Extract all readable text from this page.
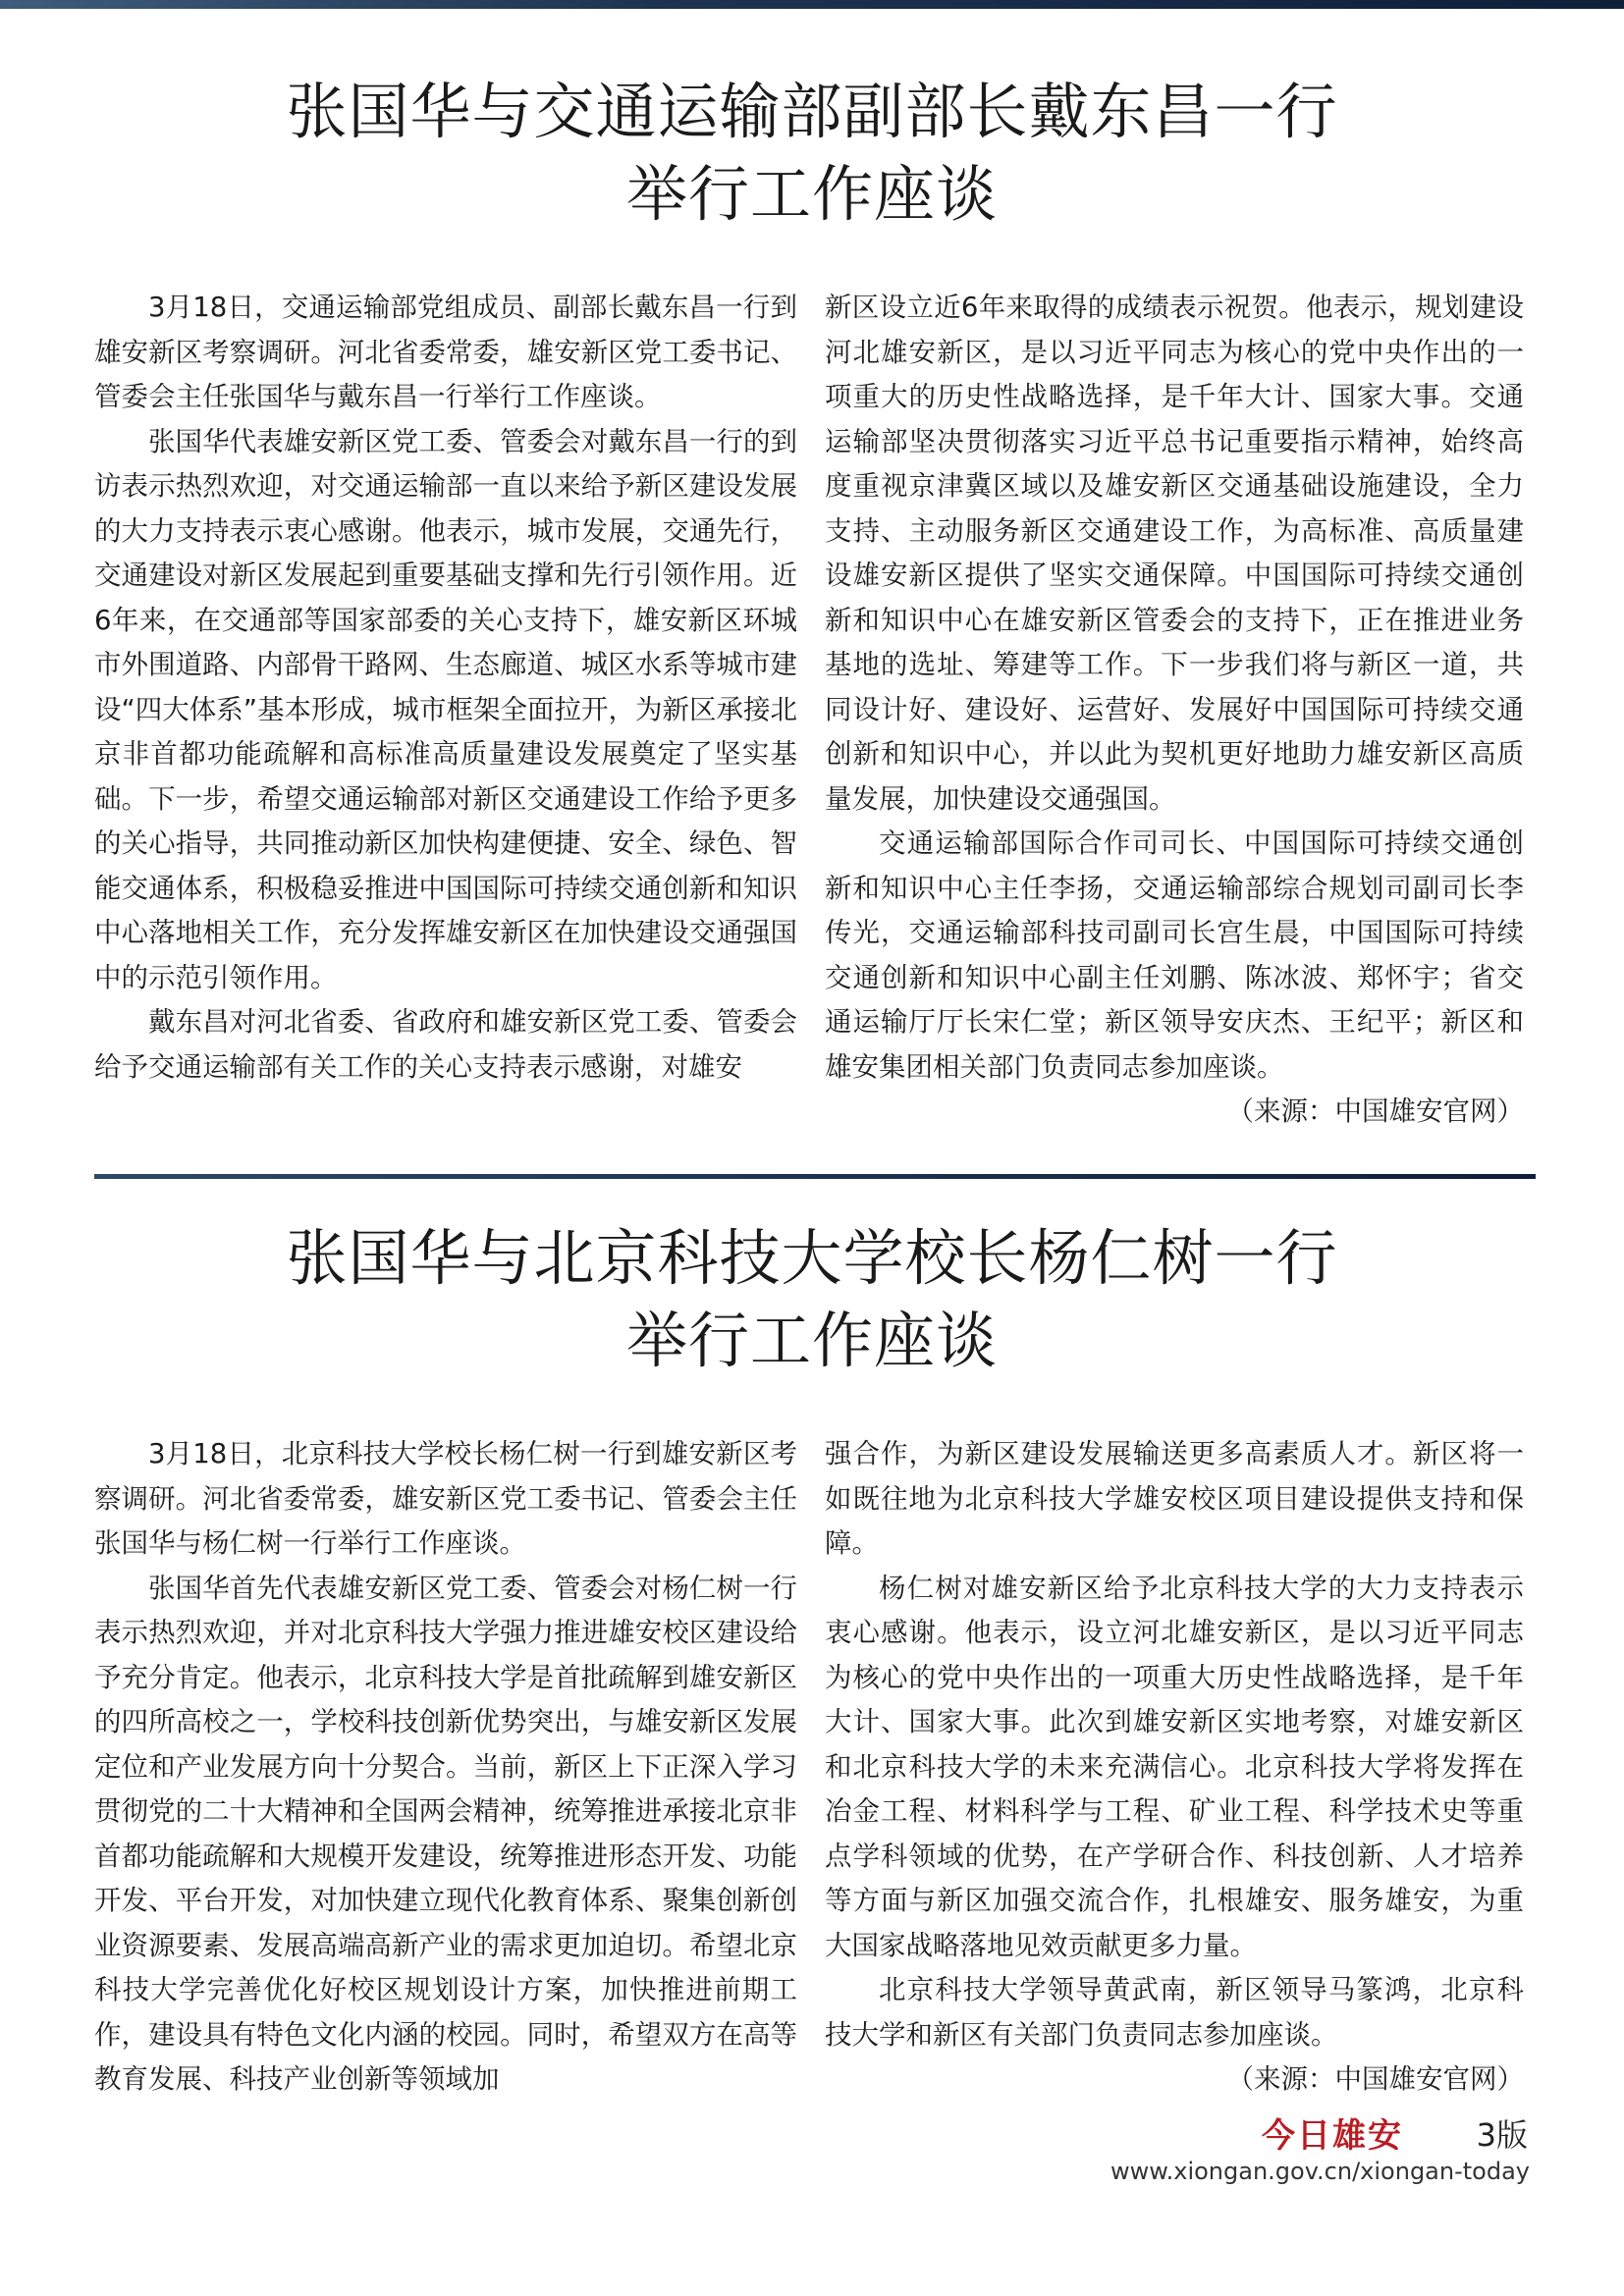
张国华与交通运输部副部长戴东昌一行
举行工作座谈

3月18日，交通运输部党组成员、副部长戴东昌一行到雄安新区考察调研。河北省委常委，雄安新区党工委书记、管委会主任张国华与戴东昌一行举行工作座谈。

张国华代表雄安新区党工委、管委会对戴东昌一行的到访表示热烈欢迎，对交通运输部一直以来给予新区建设发展的大力支持表示衷心感谢。他表示，城市发展，交通先行，交通建设对新区发展起到重要基础支撑和先行引领作用。近6年来，在交通部等国家部委的关心支持下，雄安新区环城市外围道路、内部骨干路网、生态廊道、城区水系等城市建设“四大体系”基本形成，城市框架全面拉开，为新区承接北京非首都功能疏解和高标准高质量建设发展奠定了坚实基础。下一步，希望交通运输部对新区交通建设工作给予更多的关心指导，共同推动新区加快构建便捷、安全、绿色、智能交通体系，积极稳妥推进中国国际可持续交通创新和知识中心落地相关工作，充分发挥雄安新区在加快建设交通强国中的示范引领作用。

戴东昌对河北省委、省政府和雄安新区党工委、管委会给予交通运输部有关工作的关心支持表示感谢，对雄安

新区设立近6年来取得的成绩表示祝贺。他表示，规划建设河北雄安新区，是以习近平同志为核心的党中央作出的一项重大的历史性战略选择，是千年大计、国家大事。交通运输部坚决贯彻落实习近平总书记重要指示精神，始终高度重视京津冀区域以及雄安新区交通基础设施建设，全力支持、主动服务新区交通建设工作，为高标准、高质量建设雄安新区提供了坚实交通保障。中国国际可持续交通创新和知识中心在雄安新区管委会的支持下，正在推进业务基地的选址、筹建等工作。下一步我们将与新区一道，共同设计好、建设好、运营好、发展好中国国际可持续交通创新和知识中心，并以此为契机更好地助力雄安新区高质量发展，加快建设交通强国。

交通运输部国际合作司司长、中国国际可持续交通创新和知识中心主任李扬，交通运输部综合规划司副司长李传光，交通运输部科技司副司长宫生晨，中国国际可持续交通创新和知识中心副主任刘鹏、陈冰波、郑怀宇；省交通运输厅厅长宋仁堂；新区领导安庆杰、王纪平；新区和雄安集团相关部门负责同志参加座谈。
（来源：中国雄安官网）

张国华与北京科技大学校长杨仁树一行
举行工作座谈

3月18日，北京科技大学校长杨仁树一行到雄安新区考察调研。河北省委常委，雄安新区党工委书记、管委会主任张国华与杨仁树一行举行工作座谈。

张国华首先代表雄安新区党工委、管委会对杨仁树一行表示热烈欢迎，并对北京科技大学强力推进雄安校区建设给予充分肯定。他表示，北京科技大学是首批疏解到雄安新区的四所高校之一，学校科技创新优势突出，与雄安新区发展定位和产业发展方向十分契合。当前，新区上下正深入学习贯彻党的二十大精神和全国两会精神，统筹推进承接北京非首都功能疏解和大规模开发建设，统筹推进形态开发、功能开发、平台开发，对加快建立现代化教育体系、聚集创新创业资源要素、发展高端高新产业的需求更加迫切。希望北京科技大学完善优化好校区规划设计方案，加快推进前期工作，建设具有特色文化内涵的校园。同时，希望双方在高等教育发展、科技产业创新等领域加

强合作，为新区建设发展输送更多高素质人才。新区将一如既往地为北京科技大学雄安校区项目建设提供支持和保障。

杨仁树对雄安新区给予北京科技大学的大力支持表示衷心感谢。他表示，设立河北雄安新区，是以习近平同志为核心的党中央作出的一项重大历史性战略选择，是千年大计、国家大事。此次到雄安新区实地考察，对雄安新区和北京科技大学的未来充满信心。北京科技大学将发挥在冶金工程、材料科学与工程、矿业工程、科学技术史等重点学科领域的优势，在产学研合作、科技创新、人才培养等方面与新区加强交流合作，扎根雄安、服务雄安，为重大国家战略落地见效贡献更多力量。

北京科技大学领导黄武南，新区领导马篆鸿，北京科技大学和新区有关部门负责同志参加座谈。

（来源：中国雄安官网）
今日雄安 3版
www.xiongan.gov.cn/xiongan-today
